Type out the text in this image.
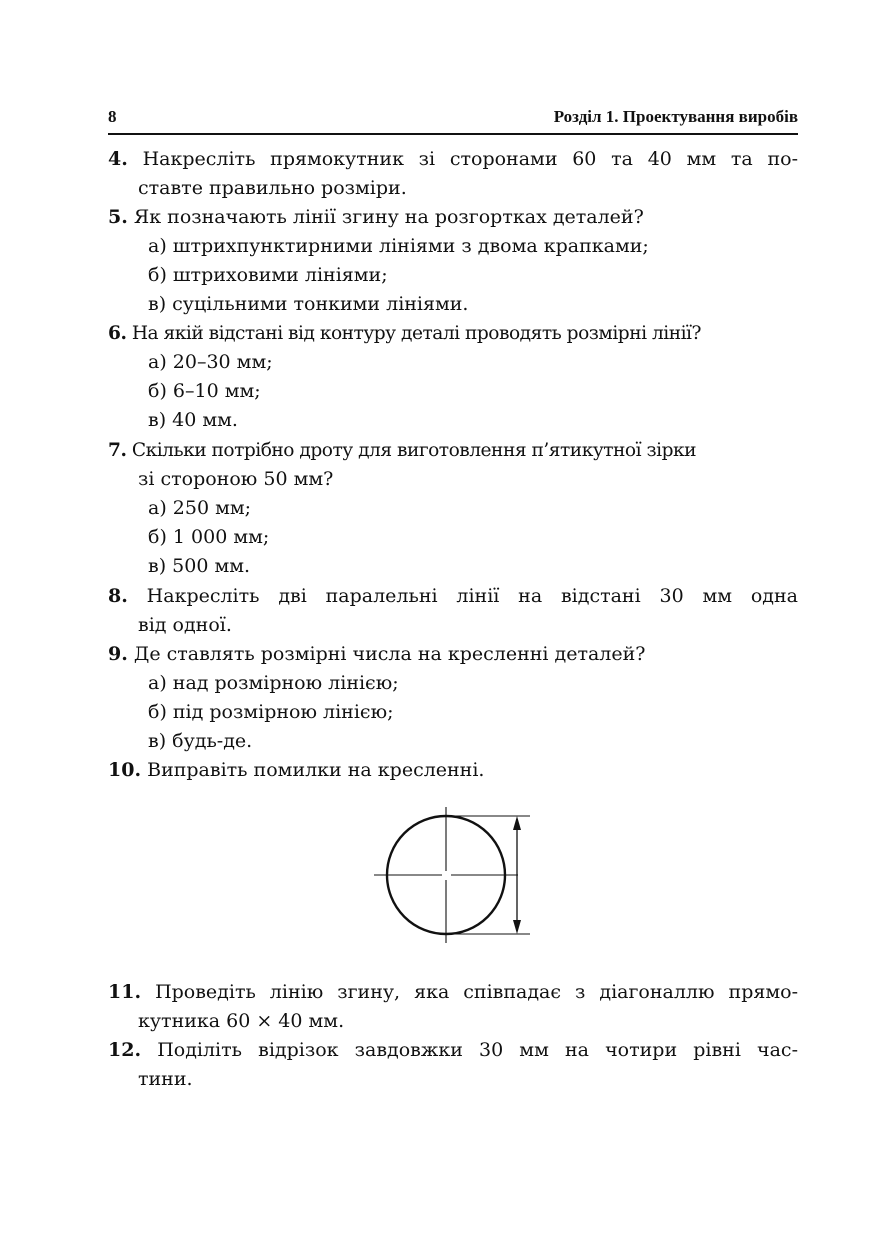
8	Розділ 1. Проектування виробів
4. Накресліть прямокутник зі сторонами 60 та 40 мм та по-
ставте правильно розміри.
5. Як позначають лінії згину на розгортках деталей?
а) штрихпунктирними лініями з двома крапками;
б) штриховими лініями;
в) суцільними тонкими лініями.
6. На якій відстані від контуру деталі проводять розмірні лінії?
а) 20–30 мм;
б) 6–10 мм;
в) 40 мм.
7. Скільки потрібно дроту для виготовлення п’ятикутної зірки
зі стороною 50 мм?
а) 250 мм;
б) 1 000 мм;
в) 500 мм.
8. Накресліть дві паралельні лінії на відстані 30 мм одна
від одної.
9. Де ставлять розмірні числа на кресленні деталей?
а) над розмірною лінією;
б) під розмірною лінією;
в) будь-де.
10. Виправіть помилки на кресленні.
11. Проведіть лінію згину, яка співпадає з діагоналлю прямо-
кутника 60 × 40 мм.
12. Поділіть відрізок завдовжки 30 мм на чотири рівні час-
тини.
